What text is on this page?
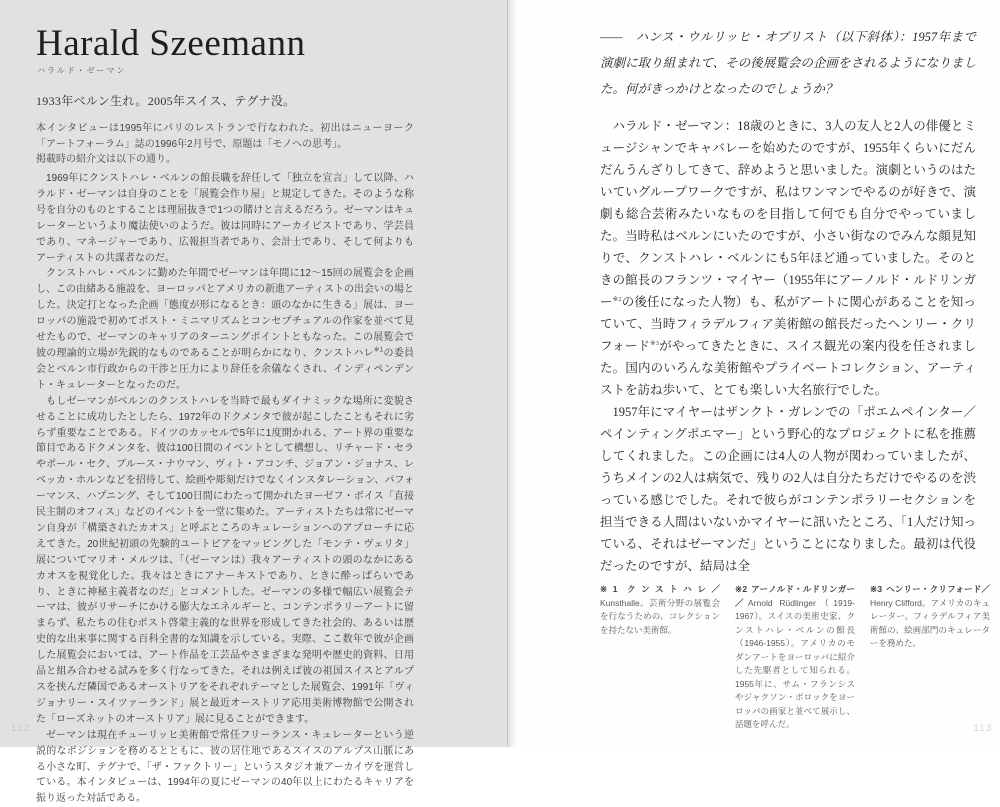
Harald Szeemann
ハラルド・ゼーマン
1933年ベルン生れ。2005年スイス、テグナ没。

本インタビューは1995年にパリのレストランで行なわれた。初出はニューヨーク「アートフォーラム」誌の1996年2月号で、原題は「モノへの思考」。

掲載時の紹介文は以下の通り。

1969年にクンストハレ・ベルンの館長職を辞任して「独立を宣言」して以降、ハラルド・ゼーマンは自身のことを「展覧会作り屋」と規定してきた。そのような称号を自分のものとすることは理屈抜きで1つの賭けと言えるだろう。ゼーマンはキュレーターというより魔法使いのようだ。彼は同時にアーカイビストであり、学芸員であり、マネージャーであり、広報担当者であり、会計士であり、そして何よりもアーティストの共謀者なのだ。

クンストハレ・ベルンに勤めた年間でゼーマンは年間に12〜15回の展覧会を企画し、この由緒ある施設を、ヨーロッパとアメリカの新進アーティストの出会いの場とした。決定打となった企画「態度が形になるとき：頭のなかに生きる」展は、ヨーロッパの施設で初めてポスト・ミニマリズムとコンセプチュアルの作家を並べて見せたもので、ゼーマンのキャリアのターニングポイントともなった。この展覧会で彼の理論的立場が先鋭的なものであることが明らかになり、クンストハレ$^{※1}$の委員会とベルン市行政からの干渉と圧力により辞任を余儀なくされ、インディペンデント・キュレーターとなったのだ。

もしゼーマンがベルンのクンストハレを当時で最もダイナミックな場所に変貌させることに成功したとしたら、1972年のドクメンタで彼が起こしたこともそれに劣らず重要なことである。ドイツのカッセルで5年に1度開かれる、アート界の重要な節目であるドクメンタを、彼は100日間のイベントとして構想し、リチャード・セラやポール・セク、ブルース・ナウマン、ヴィト・アコンチ、ジョアン・ジョナス、レベッカ・ホルンなどを招待して、絵画や彫刻だけでなくインスタレーション、パフォーマンス、ハプニング、そして100日間にわたって開かれたヨーゼフ・ボイス「直接民主制のオフィス」などのイベントを一堂に集めた。アーティストたちは常にゼーマン自身が「構築されたカオス」と呼ぶところのキュレーションへのアプローチに応えてきた。20世紀初頭の先験的ユートピアをマッピングした「モンテ・ヴェリタ」展についてマリオ・メルツは、「（ゼーマンは）我々アーティストの頭のなかにあるカオスを視覚化した。我々はときにアナーキストであり、ときに酔っぱらいであり、ときに神秘主義者なのだ」とコメントした。ゼーマンの多様で幅広い展覧会テーマは、彼がリサーチにかける膨大なエネルギーと、コンテンポラリーアートに留まらず、私たちの住むポスト啓蒙主義的な世界を形成してきた社会的、あるいは歴史的な出来事に関する百科全書的な知識を示している。実際、ここ数年で彼が企画した展覧会においては、アート作品を工芸品やさまざまな発明や歴史的資料、日用品と組み合わせる試みを多く行なってきた。それは例えば彼の祖国スイスとアルプスを挟んだ隣国であるオーストリアをそれぞれテーマとした展覧会、1991年「ヴィジョナリー・スイツァーランド」展と最近オーストリア応用美術博物館で公開された「ローズネットのオーストリア」展に見ることができます。

ゼーマンは現在チューリッヒ美術館で常任フリーランス・キュレーターという逆説的なポジションを務めるとともに、彼の居住地であるスイスのアルプス山脈にある小さな町、テグナで、「ザ・ファクトリー」というスタジオ兼アーカイヴを運営している。本インタビューは、1994年の夏にゼーマンの40年以上にわたるキャリアを振り返った対話である。

112

——　ハンス・ウルリッヒ・オブリスト（以下斜体）：1957年まで演劇に取り組まれて、その後展覧会の企画をされるようになりました。何がきっかけとなったのでしょうか？

ハラルド・ゼーマン：18歳のときに、3人の友人と2人の俳優とミュージシャンでキャバレーを始めたのですが、1955年くらいにだんだんうんざりしてきて、辞めようと思いました。演劇というのはたいていグループワークですが、私はワンマンでやるのが好きで、演劇も総合芸術みたいなものを目指して何でも自分でやっていました。当時私はベルンにいたのですが、小さい街なのでみんな顔見知りで、クンストハレ・ベルンにも5年ほど通っていました。そのときの館長のフランツ・マイヤー（1955年にアーノルド・ルドリンガー$^{※2}$の後任になった人物）も、私がアートに関心があることを知っていて、当時フィラデルフィア美術館の館長だったヘンリー・クリフォード$^{※3}$がやってきたときに、スイス観光の案内役を任されました。国内のいろんな美術館やプライベートコレクション、アーティストを訪ね歩いて、とても楽しい大名旅行でした。

1957年にマイヤーはザンクト・ガレンでの「ポエムペインター／ペインティングポエマー」という野心的なプロジェクトに私を推薦してくれました。この企画には4人の人物が関わっていましたが、うちメインの2人は病気で、残りの2人は自分たちだけでやるのを渋っている感じでした。それで彼らがコンテンポラリーセクションを担当できる人間はいないかマイヤーに訊いたところ、「1人だけ知っている、それはゼーマンだ」ということになりました。最初は代役だったのですが、結局は全

※1  クンストハレ／Kunsthalle。芸術分野の展覧会を行なうための、コレクションを持たない美術館。

※2  アーノルド・ルドリンガー／Arnold Rüdlinger（1919-1967）。スイスの美術史家、クンストハレ・ベルンの館長（1946-1955）。アメリカのモダンアートをヨーロッパに紹介した先駆者として知られる。1955年に、サム・フランシスやジャクソン・ポロックをヨーロッパの画家と並べて展示し、話題を呼んだ。

※3  ヘンリー・クリフォード／Henry Clifford。アメリカのキュレーター。フィラデルフィア美術館の、絵画部門のキュレーターを務めた。

113
